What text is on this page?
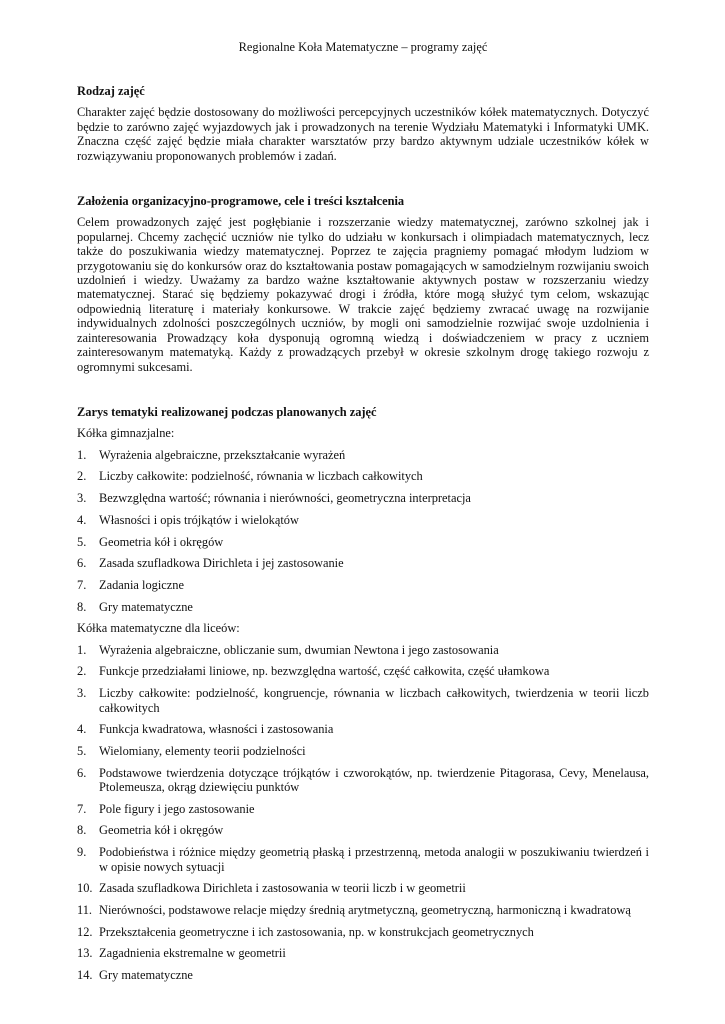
Regionalne Koła Matematyczne – programy zajęć
Rodzaj zajęć

Charakter zajęć będzie dostosowany do możliwości percepcyjnych uczestników kółek matematycznych. Dotyczyć będzie to zarówno zajęć wyjazdowych jak i prowadzonych na terenie Wydziału Matematyki i Informatyki UMK. Znaczna część zajęć będzie miała charakter warsztatów przy bardzo aktywnym udziale uczestników kółek w rozwiązywaniu proponowanych problemów i zadań.

Założenia organizacyjno-programowe, cele i treści kształcenia

Celem prowadzonych zajęć jest pogłębianie i rozszerzanie wiedzy matematycznej, zarówno szkolnej jak i popularnej. Chcemy zachęcić uczniów nie tylko do udziału w konkursach i olimpiadach matematycznych, lecz także do poszukiwania wiedzy matematycznej. Poprzez te zajęcia pragniemy pomagać młodym ludziom w przygotowaniu się do konkursów oraz do kształtowania postaw pomagających w samodzielnym rozwijaniu swoich uzdolnień i wiedzy. Uważamy za bardzo ważne kształtowanie aktywnych postaw w rozszerzaniu wiedzy matematycznej. Starać się będziemy pokazywać drogi i źródła, które mogą służyć tym celom, wskazując odpowiednią literaturę i materiały konkursowe. W trakcie zajęć będziemy zwracać uwagę na rozwijanie indywidualnych zdolności poszczególnych uczniów, by mogli oni samodzielnie rozwijać swoje uzdolnienia i zainteresowania Prowadzący koła dysponują ogromną wiedzą i doświadczeniem w pracy z uczniem zainteresowanym matematyką. Każdy z prowadzących przebył w okresie szkolnym drogę takiego rozwoju z ogromnymi sukcesami.

Zarys tematyki realizowanej podczas planowanych zajęć
Kółka gimnazjalne:
1.	Wyrażenia algebraiczne, przekształcanie wyrażeń
2.	Liczby całkowite: podzielność, równania w liczbach całkowitych
3.	Bezwzględna wartość; równania i nierówności, geometryczna interpretacja
4.	Własności i opis trójkątów i wielokątów
5.	Geometria kół i okręgów
6.	Zasada szufladkowa Dirichleta i jej zastosowanie
7.	Zadania logiczne
8.	Gry matematyczne
Kółka matematyczne dla liceów:
1.	Wyrażenia algebraiczne, obliczanie sum, dwumian Newtona i jego zastosowania
2.	Funkcje przedziałami liniowe, np. bezwzględna wartość, część całkowita, część ułamkowa
3.	Liczby całkowite: podzielność, kongruencje, równania w liczbach całkowitych, twierdzenia w teorii liczb całkowitych
4.	Funkcja kwadratowa, własności i zastosowania
5.	Wielomiany, elementy teorii podzielności
6.	Podstawowe twierdzenia dotyczące trójkątów i czworokątów, np. twierdzenie Pitagorasa, Cevy, Menelausa, Ptolemeusza, okrąg dziewięciu punktów
7.	Pole figury i jego zastosowanie
8.	Geometria kół i okręgów
9.	Podobieństwa i różnice między geometrią płaską i przestrzenną, metoda analogii w poszukiwaniu twierdzeń i w opisie nowych sytuacji
10. Zasada szufladkowa Dirichleta i zastosowania w teorii liczb i w geometrii
11. Nierówności, podstawowe relacje między średnią arytmetyczną, geometryczną, harmoniczną i kwadratową
12. Przekształcenia geometryczne i ich zastosowania, np. w konstrukcjach geometrycznych
13. Zagadnienia ekstremalne w geometrii
14. Gry matematyczne
